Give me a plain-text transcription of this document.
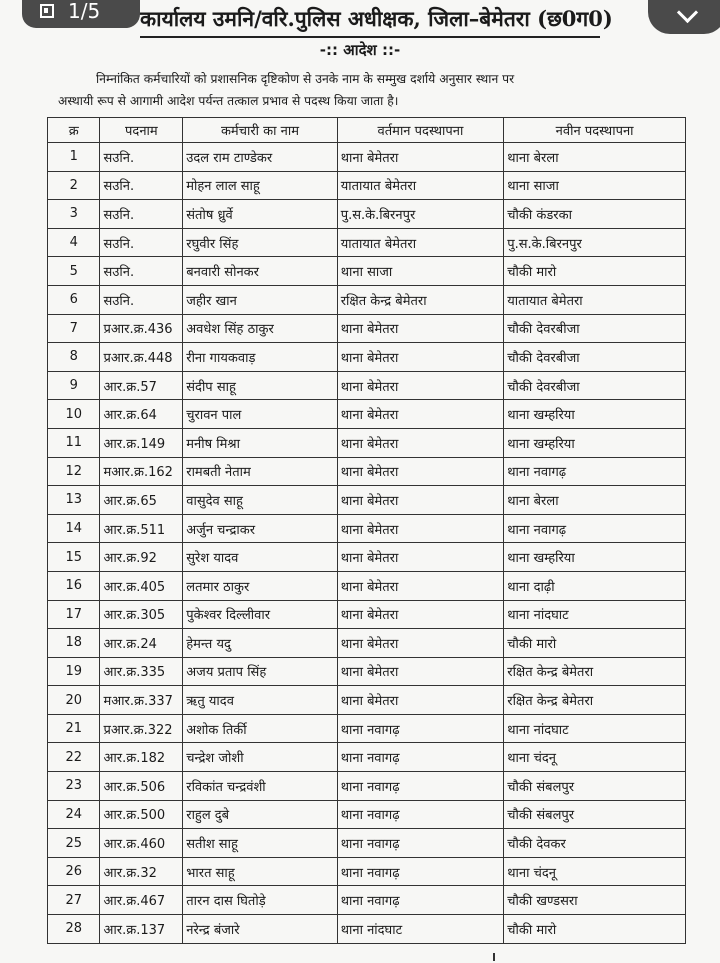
कार्यालय उमनि/वरि.पुलिस अधीक्षक, जिला–बेमेतरा (छ0ग0)
-:: आदेश ::-
निम्नांकित कर्मचारियों को प्रशासनिक दृष्टिकोण से उनके नाम के सम्मुख दर्शाये अनुसार स्थान पर
अस्थायी रूप से आगामी आदेश पर्यन्त तत्काल प्रभाव से पदस्थ किया जाता है।
क्र	पदनाम	कर्मचारी का नाम	वर्तमान पदस्थापना	नवीन पदस्थापना
1	सउनि.	उदल राम टाण्डेकर	थाना बेमेतरा	थाना बेरला
2	सउनि.	मोहन लाल साहू	यातायात बेमेतरा	थाना साजा
3	सउनि.	संतोष ध्रुर्वे	पु.स.के.बिरनपुर	चौकी कंडरका
4	सउनि.	रघुवीर सिंह	यातायात बेमेतरा	पु.स.के.बिरनपुर
5	सउनि.	बनवारी सोनकर	थाना साजा	चौकी मारो
6	सउनि.	जहीर खान	रक्षित केन्द्र बेमेतरा	यातायात बेमेतरा
7	प्रआर.क्र.436	अवधेश सिंह ठाकुर	थाना बेमेतरा	चौकी देवरबीजा
8	प्रआर.क्र.448	रीना गायकवाड़	थाना बेमेतरा	चौकी देवरबीजा
9	आर.क्र.57	संदीप साहू	थाना बेमेतरा	चौकी देवरबीजा
10	आर.क्र.64	चुरावन पाल	थाना बेमेतरा	थाना खम्हरिया
11	आर.क्र.149	मनीष मिश्रा	थाना बेमेतरा	थाना खम्हरिया
12	मआर.क्र.162	रामबती नेताम	थाना बेमेतरा	थाना नवागढ़
13	आर.क्र.65	वासुदेव साहू	थाना बेमेतरा	थाना बेरला
14	आर.क्र.511	अर्जुन चन्द्राकर	थाना बेमेतरा	थाना नवागढ़
15	आर.क्र.92	सुरेश यादव	थाना बेमेतरा	थाना खम्हरिया
16	आर.क्र.405	लतमार ठाकुर	थाना बेमेतरा	थाना दाढ़ी
17	आर.क्र.305	पुकेश्वर दिल्लीवार	थाना बेमेतरा	थाना नांदघाट
18	आर.क्र.24	हेमन्त यदु	थाना बेमेतरा	चौकी मारो
19	आर.क्र.335	अजय प्रताप सिंह	थाना बेमेतरा	रक्षित केन्द्र बेमेतरा
20	मआर.क्र.337	ऋतु यादव	थाना बेमेतरा	रक्षित केन्द्र बेमेतरा
21	प्रआर.क्र.322	अशोक तिर्की	थाना नवागढ़	थाना नांदघाट
22	आर.क्र.182	चन्द्रेश जोशी	थाना नवागढ़	थाना चंदनू
23	आर.क्र.506	रविकांत चन्द्रवंशी	थाना नवागढ़	चौकी संबलपुर
24	आर.क्र.500	राहुल दुबे	थाना नवागढ़	चौकी संबलपुर
25	आर.क्र.460	सतीश साहू	थाना नवागढ़	चौकी देवकर
26	आर.क्र.32	भारत साहू	थाना नवागढ़	थाना चंदनू
27	आर.क्र.467	तारन दास घितोड़े	थाना नवागढ़	चौकी खण्डसरा
28	आर.क्र.137	नरेन्द्र बंजारे	थाना नांदघाट	चौकी मारो
1/5
